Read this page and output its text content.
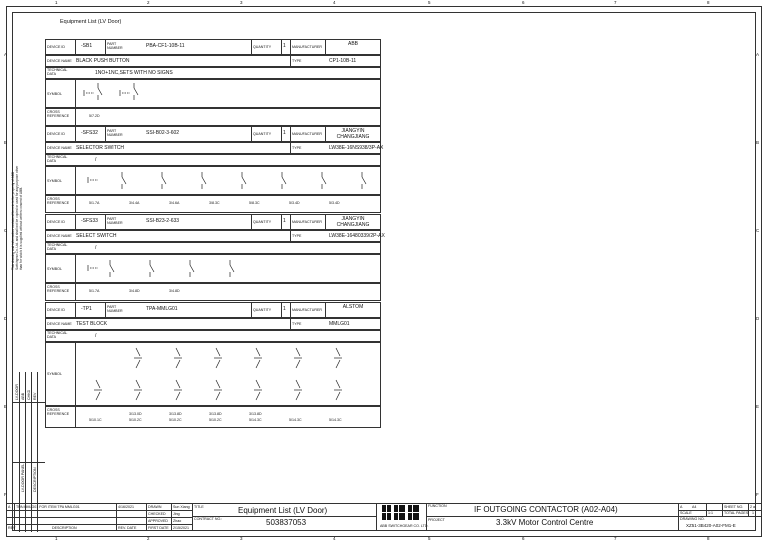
1
1
2
2
3
3
4
4
5
5
6
6
7
7
8
8
A	A
B	B
C	C
D	D
E	E
F	F
Equipment List (LV Door)
DEVICE ID	-SB1	PART NUMBER	PBA-CF1-10B-11	QUANTITY 1 MANUFACTURER	ABB
DEVICE NAME BLACK PUSH BUTTON	TYPE	CP1-10B-11
TECHNICAL DATA	1NO+1NC,SETS WITH NO SIGNS
SYMBOL
CROSS REFERENCE	5/7.2D
DEVICE ID	-SFS32	PART NUMBER	SSI-B02-3-602	QUANTITY 1 MANUFACTURER	JIANGYIN CHANGJIANG
DEVICE NAME SELECTOR SWITCH	TYPE	LW38E-16NS938/3P-AX
TECHNICAL DATA	/
SYMBOL
CROSS REFERENCE	5/1.7A	3/4.4A	3/4.6A	3/8.3C	5/8.3C	5/3.4D	5/3.4D
DEVICE ID	-SFS33	PART NUMBER	SSI-B23-2-633	QUANTITY 1 MANUFACTURER	JIANGYIN CHANGJIANG
DEVICE NAME SELECT SWITCH	TYPE	LW38E-16480339/2P-AX
TECHNICAL DATA	/
SYMBOL
CROSS REFERENCE	5/1.7A	3/4.8D	3/4.8D
DEVICE ID	-TP1	PART NUMBER	TPA-MMLG01	QUANTITY 1 MANUFACTURER	ALSTOM
DEVICE NAME TEST BLOCK	TYPE	MMLG01
TECHNICAL DATA	/
SYMBOL
CROSS REFERENCE	3/13.0D	3/13.8D	3/13.8D	3/13.8D
5/10.1C	5/10.2C	5/10.2C	5/10.2C	5/14.3C	5/14.3C	5/14.3C
This drawing and information contained therein is the property of ABB Switchgear Co. Ltd. and shall not be copied or used for any purpose other than for which it is supplied without written consent of ABB.
LV-DOOR ABB CHKD REV
LV-DOOR PANEL DESCRIPTION
A TPA MMLG01 FOR ITEM TPA MMLG01
REV	DESCRIPTION
4/16/2021	DRAWN	Sun Xiang
CHECKED Jing
APPROVED Zhao
REV. DATE	FIRST DATE 2/15/2021
TITLE
CONTRACT NO.:
Equipment List (LV Door)
503837053	ABB SWITCHGEAR CO. LTD.
FUNCTION	IF OUTGOING CONTACTOR (A02-A04)
PROJECT	3.3kV Motor Control Centre
A	A4	SHEET NO. 2 a
SCALE	1:1	TOTAL PAGES 1
DRAWING NO.
XZ51-3B420-A02-FM1-E
